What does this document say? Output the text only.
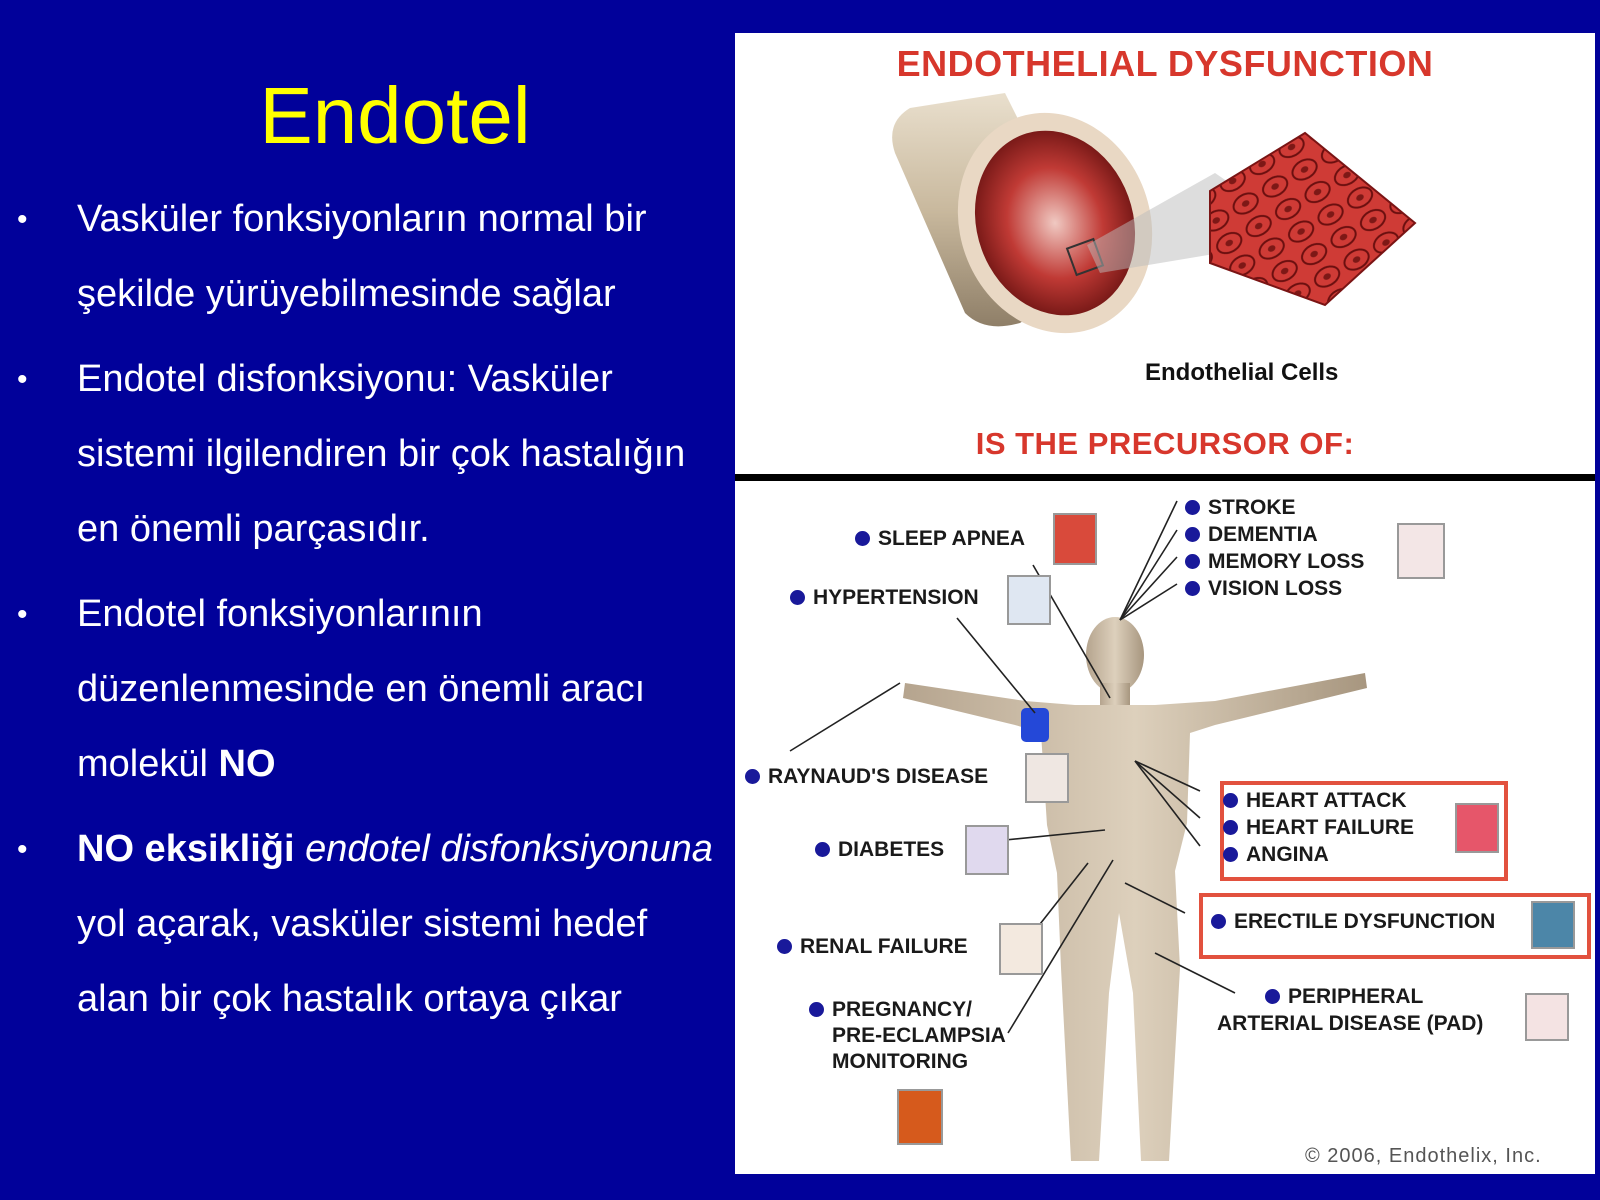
Endotel
• Vasküler fonksiyonların normal bir şekilde yürüyebilmesinde sağlar
• Endotel disfonksiyonu: Vasküler sistemi ilgilendiren bir çok hastalığın en önemli parçasıdır.
• Endotel fonksiyonlarının düzenlenmesinde en önemli aracı molekül NO
• NO eksikliği endotel disfonksiyonuna yol açarak, vasküler sistemi hedef alan bir çok hastalık ortaya çıkar
ENDOTHELIAL DYSFUNCTION
Endothelial Cells
IS THE PRECURSOR OF:
STROKE
DEMENTIA
MEMORY LOSS
VISION LOSS
SLEEP APNEA
HYPERTENSION
RAYNAUD'S DISEASE
DIABETES
RENAL FAILURE
PREGNANCY/
PRE-ECLAMPSIA
MONITORING
HEART ATTACK
HEART FAILURE
ANGINA
ERECTILE DYSFUNCTION
PERIPHERAL
ARTERIAL DISEASE (PAD)
© 2006, Endothelix, Inc.
